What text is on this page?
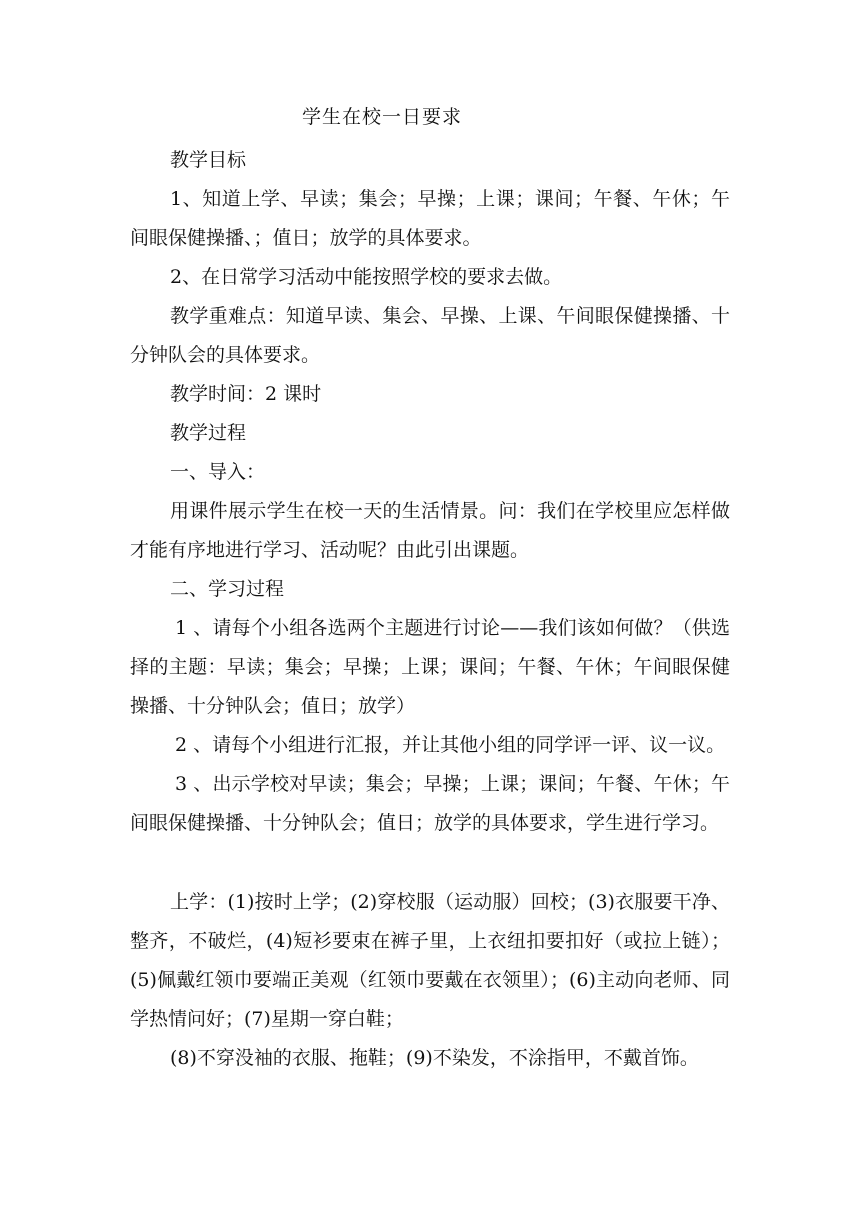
学生在校一日要求

教学目标

1、知道上学、早读；集会；早操；上课；课间；午餐、午休；午间眼保健操播、；值日；放学的具体要求。

2、在日常学习活动中能按照学校的要求去做。

教学重难点：知道早读、集会、早操、上课、午间眼保健操播、十分钟队会的具体要求。

教学时间：2 课时

教学过程

一、导入：

用课件展示学生在校一天的生活情景。问：我们在学校里应怎样做才能有序地进行学习、活动呢？由此引出课题。

二、学习过程

1 、请每个小组各选两个主题进行讨论——我们该如何做？（供选择的主题：早读；集会；早操；上课；课间；午餐、午休；午间眼保健操播、十分钟队会；值日；放学）

2 、请每个小组进行汇报，并让其他小组的同学评一评、议一议。

3 、出示学校对早读；集会；早操；上课；课间；午餐、午休；午间眼保健操播、十分钟队会；值日；放学的具体要求，学生进行学习。

上学：(1)按时上学；(2)穿校服（运动服）回校；(3)衣服要干净、整齐，不破烂，(4)短衫要束在裤子里，上衣纽扣要扣好（或拉上链）；(5)佩戴红领巾要端正美观（红领巾要戴在衣领里）；(6)主动向老师、同学热情问好；(7)星期一穿白鞋；

(8)不穿没袖的衣服、拖鞋；(9)不染发，不涂指甲，不戴首饰。
